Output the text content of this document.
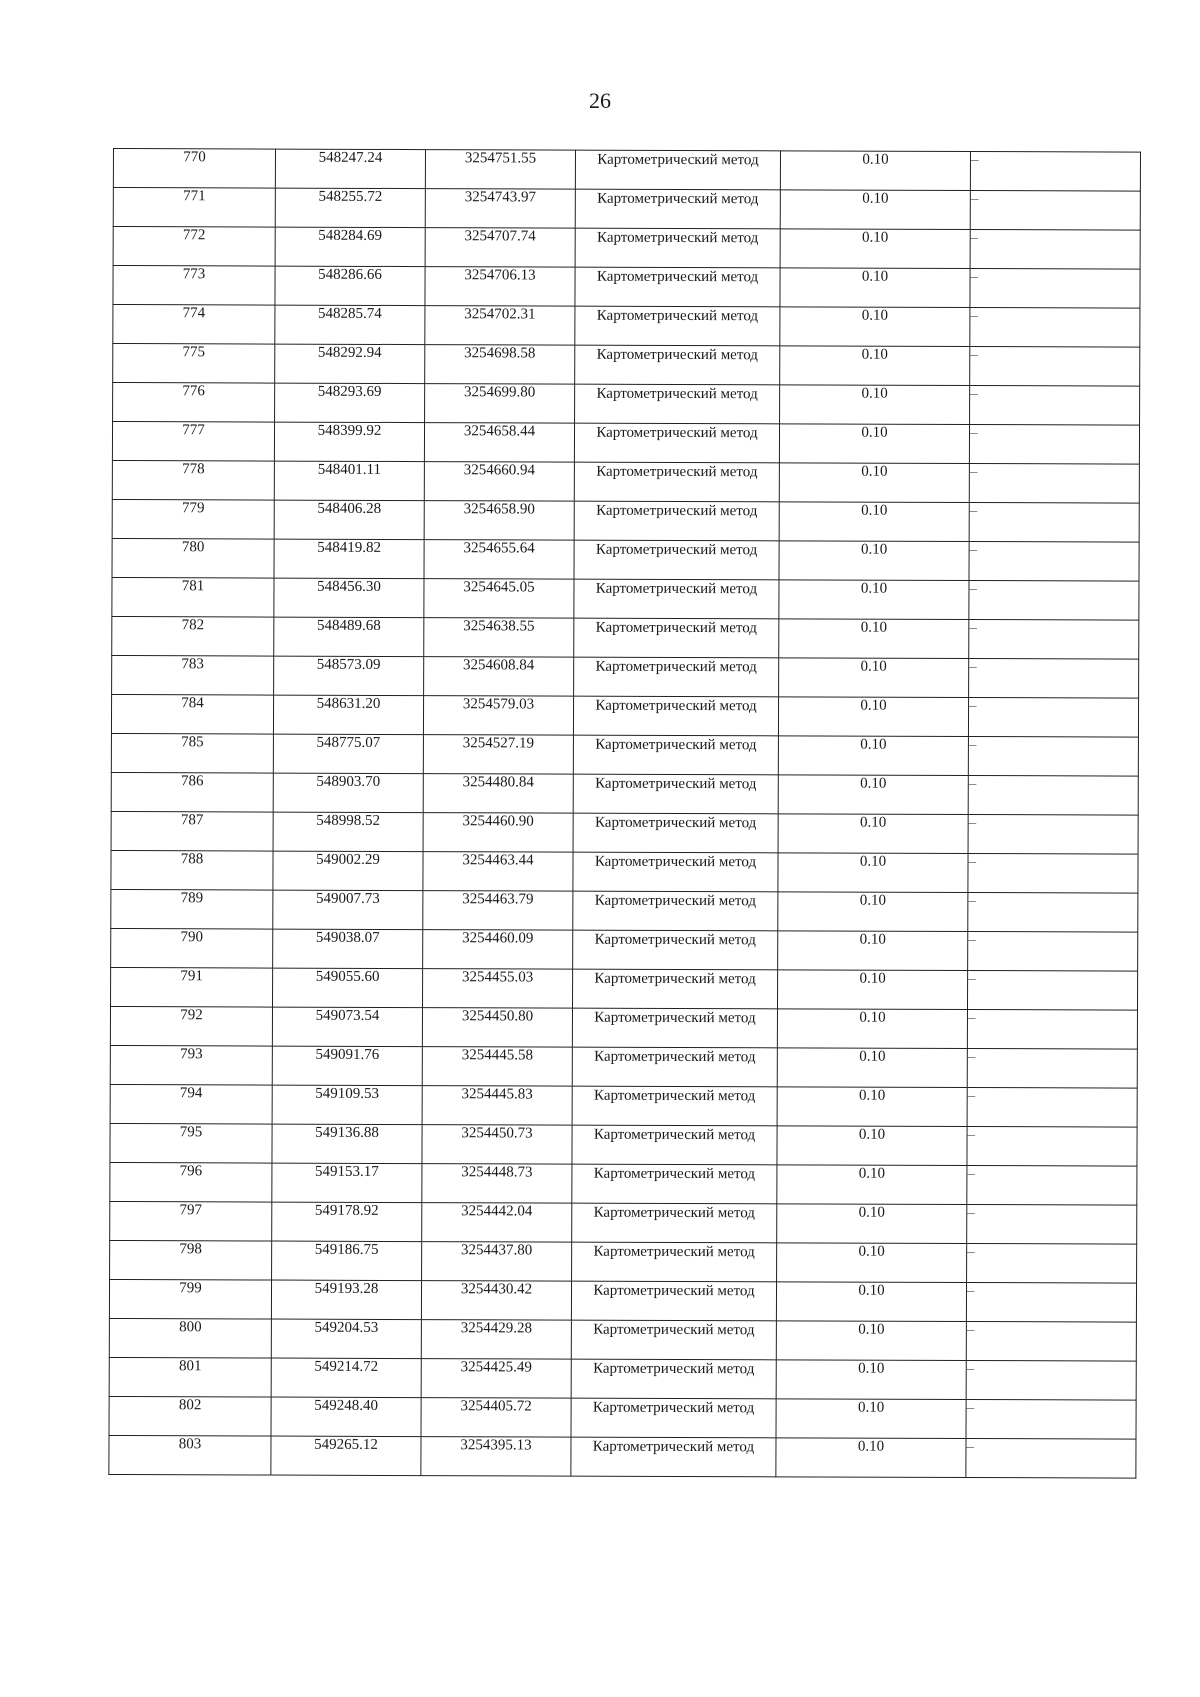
26
770	548247.24	3254751.55	Картометрический метод	0.10	–
771	548255.72	3254743.97	Картометрический метод	0.10	–
772	548284.69	3254707.74	Картометрический метод	0.10	–
773	548286.66	3254706.13	Картометрический метод	0.10	–
774	548285.74	3254702.31	Картометрический метод	0.10	–
775	548292.94	3254698.58	Картометрический метод	0.10	–
776	548293.69	3254699.80	Картометрический метод	0.10	–
777	548399.92	3254658.44	Картометрический метод	0.10	–
778	548401.11	3254660.94	Картометрический метод	0.10	–
779	548406.28	3254658.90	Картометрический метод	0.10	–
780	548419.82	3254655.64	Картометрический метод	0.10	–
781	548456.30	3254645.05	Картометрический метод	0.10	–
782	548489.68	3254638.55	Картометрический метод	0.10	–
783	548573.09	3254608.84	Картометрический метод	0.10	–
784	548631.20	3254579.03	Картометрический метод	0.10	–
785	548775.07	3254527.19	Картометрический метод	0.10	–
786	548903.70	3254480.84	Картометрический метод	0.10	–
787	548998.52	3254460.90	Картометрический метод	0.10	–
788	549002.29	3254463.44	Картометрический метод	0.10	–
789	549007.73	3254463.79	Картометрический метод	0.10	–
790	549038.07	3254460.09	Картометрический метод	0.10	–
791	549055.60	3254455.03	Картометрический метод	0.10	–
792	549073.54	3254450.80	Картометрический метод	0.10	–
793	549091.76	3254445.58	Картометрический метод	0.10	–
794	549109.53	3254445.83	Картометрический метод	0.10	–
795	549136.88	3254450.73	Картометрический метод	0.10	–
796	549153.17	3254448.73	Картометрический метод	0.10	–
797	549178.92	3254442.04	Картометрический метод	0.10	–
798	549186.75	3254437.80	Картометрический метод	0.10	–
799	549193.28	3254430.42	Картометрический метод	0.10	–
800	549204.53	3254429.28	Картометрический метод	0.10	–
801	549214.72	3254425.49	Картометрический метод	0.10	–
802	549248.40	3254405.72	Картометрический метод	0.10	–
803	549265.12	3254395.13	Картометрический метод	0.10	–
